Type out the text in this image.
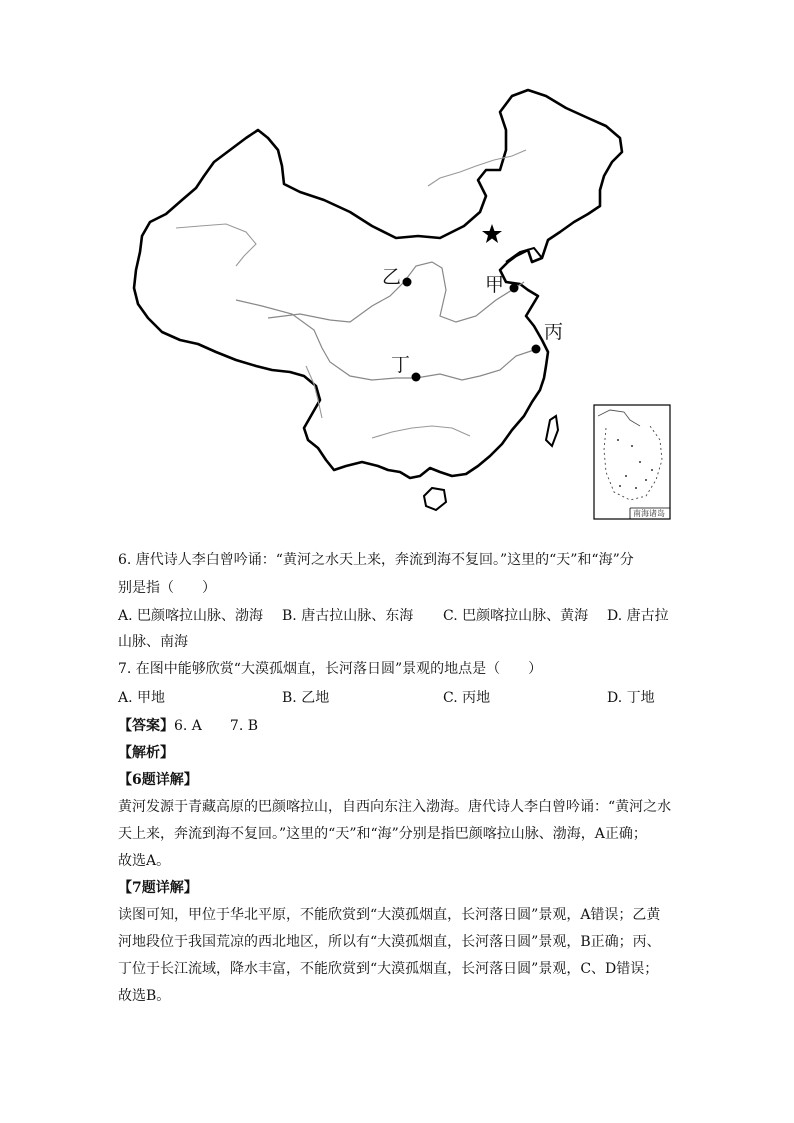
甲
乙
丙
丁
南海诸岛
6. 唐代诗人李白曾吟诵：“黄河之水天上来，奔流到海不复回。”这里的“天”和“海”分
别是指（　　）
A. 巴颜喀拉山脉、渤海 B. 唐古拉山脉、东海 C. 巴颜喀拉山脉、黄海 D. 唐古拉
山脉、南海
7. 在图中能够欣赏“大漠孤烟直，长河落日圆”景观的地点是（　　）
A. 甲地	B. 乙地	C. 丙地	D. 丁地
【答案】6. A　　7. B
【解析】
【6题详解】
黄河发源于青藏高原的巴颜喀拉山，自西向东注入渤海。唐代诗人李白曾吟诵：“黄河之水
天上来，奔流到海不复回。”这里的“天”和“海”分别是指巴颜喀拉山脉、渤海，A正确；
故选A。
【7题详解】
读图可知，甲位于华北平原，不能欣赏到“大漠孤烟直，长河落日圆”景观，A错误；乙黄
河地段位于我国荒凉的西北地区，所以有“大漠孤烟直，长河落日圆”景观，B正确；丙、
丁位于长江流域，降水丰富，不能欣赏到“大漠孤烟直，长河落日圆”景观，C、D错误；
故选B。
